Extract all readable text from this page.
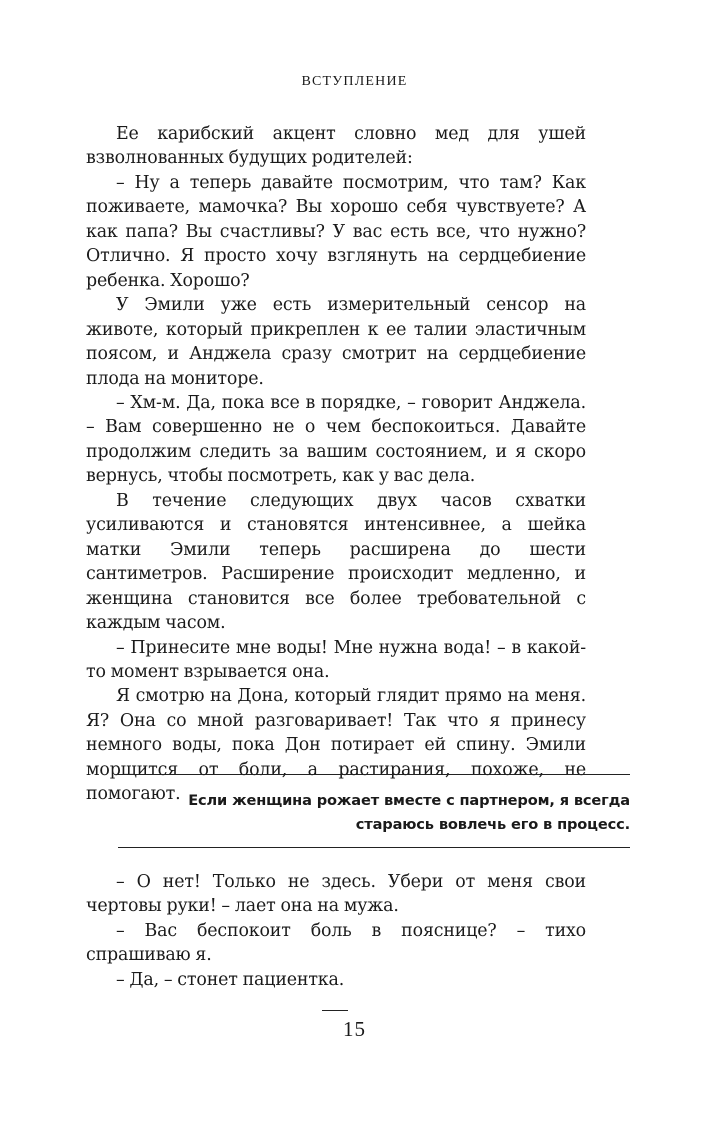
ВСТУПЛЕНИЕ

Ее карибский акцент словно мед для ушей взволнованных будущих родителей:

– Ну а теперь давайте посмотрим, что там? Как поживаете, мамочка? Вы хорошо себя чувствуете? А как папа? Вы счастливы? У вас есть все, что нужно? Отлично. Я просто хочу взглянуть на сердцебиение ребенка. Хорошо?

У Эмили уже есть измерительный сенсор на животе, который прикреплен к ее талии эластичным поясом, и Анджела сразу смотрит на сердцебиение плода на мониторе.

– Хм-м. Да, пока все в порядке, – говорит Анджела. – Вам совершенно не о чем беспокоиться. Давайте продолжим следить за вашим состоянием, и я скоро вернусь, чтобы посмотреть, как у вас дела.

В течение следующих двух часов схватки усиливаются и становятся интенсивнее, а шейка матки Эмили теперь расширена до шести сантиметров. Расширение происходит медленно, и женщина становится все более требовательной с каждым часом.

– Принесите мне воды! Мне нужна вода! – в какой-то момент взрывается она.

Я смотрю на Дона, который глядит прямо на меня. Я? Она со мной разговаривает! Так что я принесу немного воды, пока Дон потирает ей спину. Эмили морщится от боли, а растирания, похоже, не помогают. Если женщина рожает вместе с партнером, я всегда стараюсь вовлечь его в процесс.

– О нет! Только не здесь. Убери от меня свои чертовы руки! – лает она на мужа.

– Вас беспокоит боль в пояснице? – тихо спрашиваю я.

– Да, – стонет пациентка.

15
